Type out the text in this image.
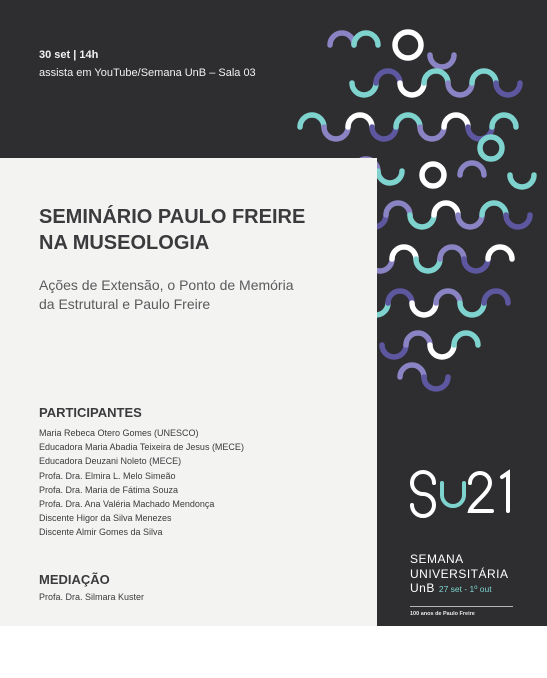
30 set | 14h
assista em YouTube/Semana UnB – Sala 03
SEMINÁRIO PAULO FREIRE
NA MUSEOLOGIA
Ações de Extensão, o Ponto de Memória
da Estrutural e Paulo Freire
PARTICIPANTES
Maria Rebeca Otero Gomes (UNESCO)
Educadora Maria Abadia Teixeira de Jesus (MECE)
Educadora Deuzani Noleto (MECE)
Profa. Dra. Elmira L. Melo Simeão
Profa. Dra. Maria de Fátima Souza
Profa. Dra. Ana Valéria Machado Mendonça
Discente Higor da Silva Menezes
Discente Almir Gomes da Silva
MEDIAÇÃO
Profa. Dra. Silmara Kuster
SEMANA
UNIVERSITÁRIA
UnB 27 set - 1º out
100 anos de Paulo Freire
